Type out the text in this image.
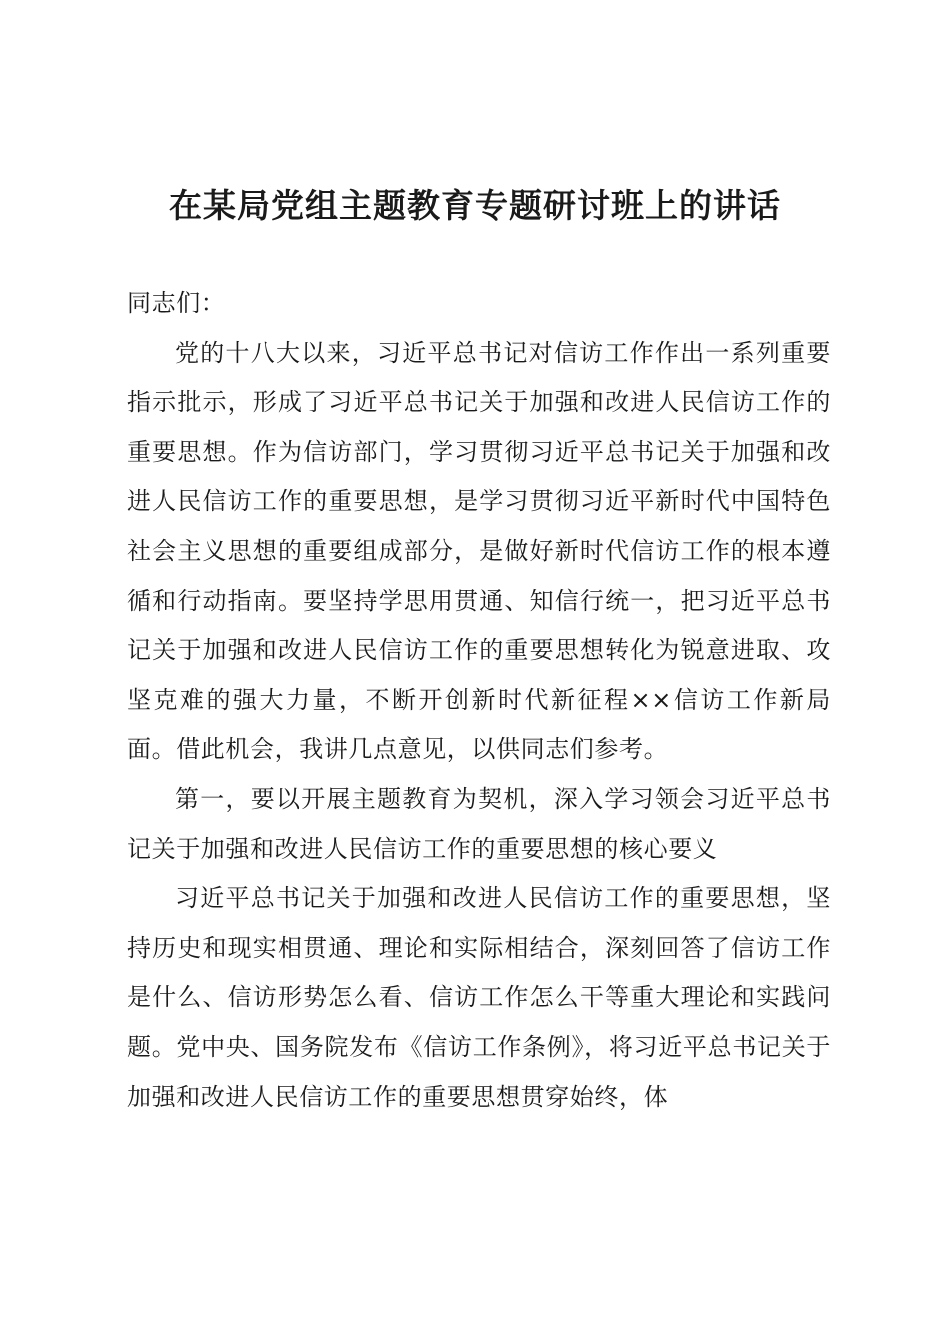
在某局党组主题教育专题研讨班上的讲话

同志们：

党的十八大以来，习近平总书记对信访工作作出一系列重要指示批示，形成了习近平总书记关于加强和改进人民信访工作的重要思想。作为信访部门，学习贯彻习近平总书记关于加强和改进人民信访工作的重要思想，是学习贯彻习近平新时代中国特色社会主义思想的重要组成部分，是做好新时代信访工作的根本遵循和行动指南。要坚持学思用贯通、知信行统一，把习近平总书记关于加强和改进人民信访工作的重要思想转化为锐意进取、攻坚克难的强大力量，不断开创新时代新征程××信访工作新局面。借此机会，我讲几点意见，以供同志们参考。

第一，要以开展主题教育为契机，深入学习领会习近平总书记关于加强和改进人民信访工作的重要思想的核心要义

习近平总书记关于加强和改进人民信访工作的重要思想，坚持历史和现实相贯通、理论和实际相结合，深刻回答了信访工作是什么、信访形势怎么看、信访工作怎么干等重大理论和实践问题。党中央、国务院发布《信访工作条例》，将习近平总书记关于加强和改进人民信访工作的重要思想贯穿始终，体
